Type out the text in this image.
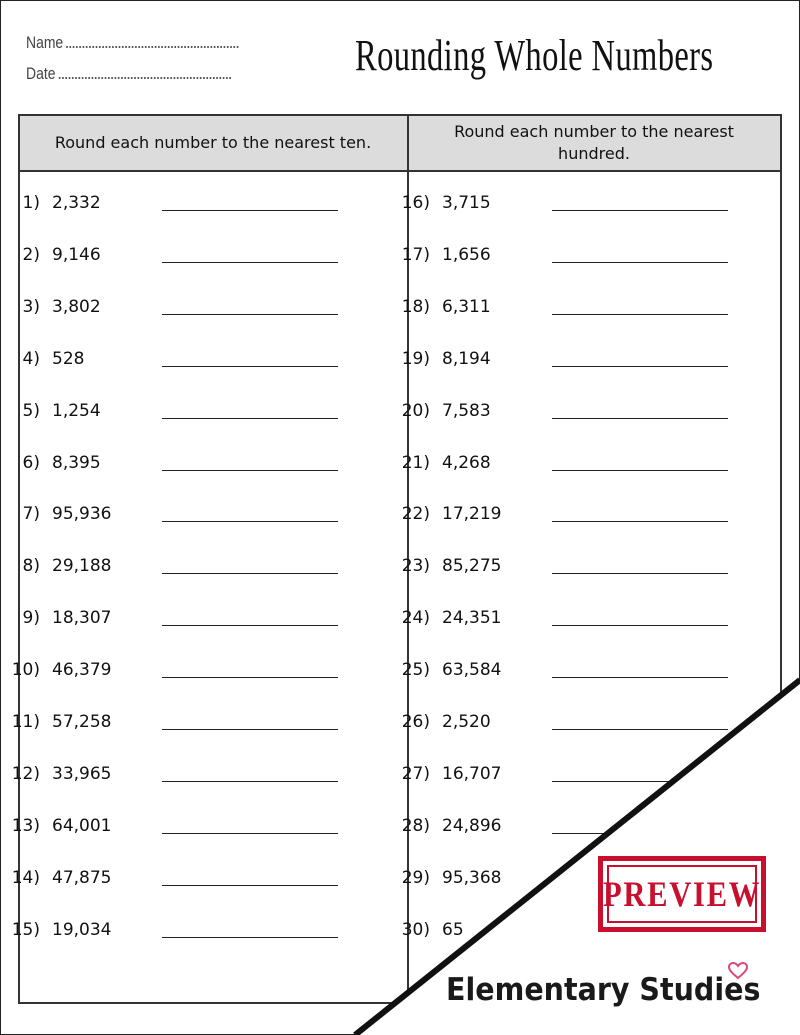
Name
Date	Rounding Whole Numbers
Round each number to the nearest ten.
Round each number to the nearest hundred.
1) 2,332
2) 9,146
3) 3,802
4) 528
5) 1,254
6) 8,395
7) 95,936
8) 29,188
9) 18,307
10) 46,379
11) 57,258
12) 33,965
13) 64,001
14) 47,875
15) 19,034
16) 3,715
17) 1,656
18) 6,311
19) 8,194
20) 7,583
21) 4,268
22) 17,219
23) 85,275
24) 24,351
25) 63,584
26) 2,520
27) 16,707
28) 24,896
29) 95,368
30) 65
PREVIEW
Elementary Studies
